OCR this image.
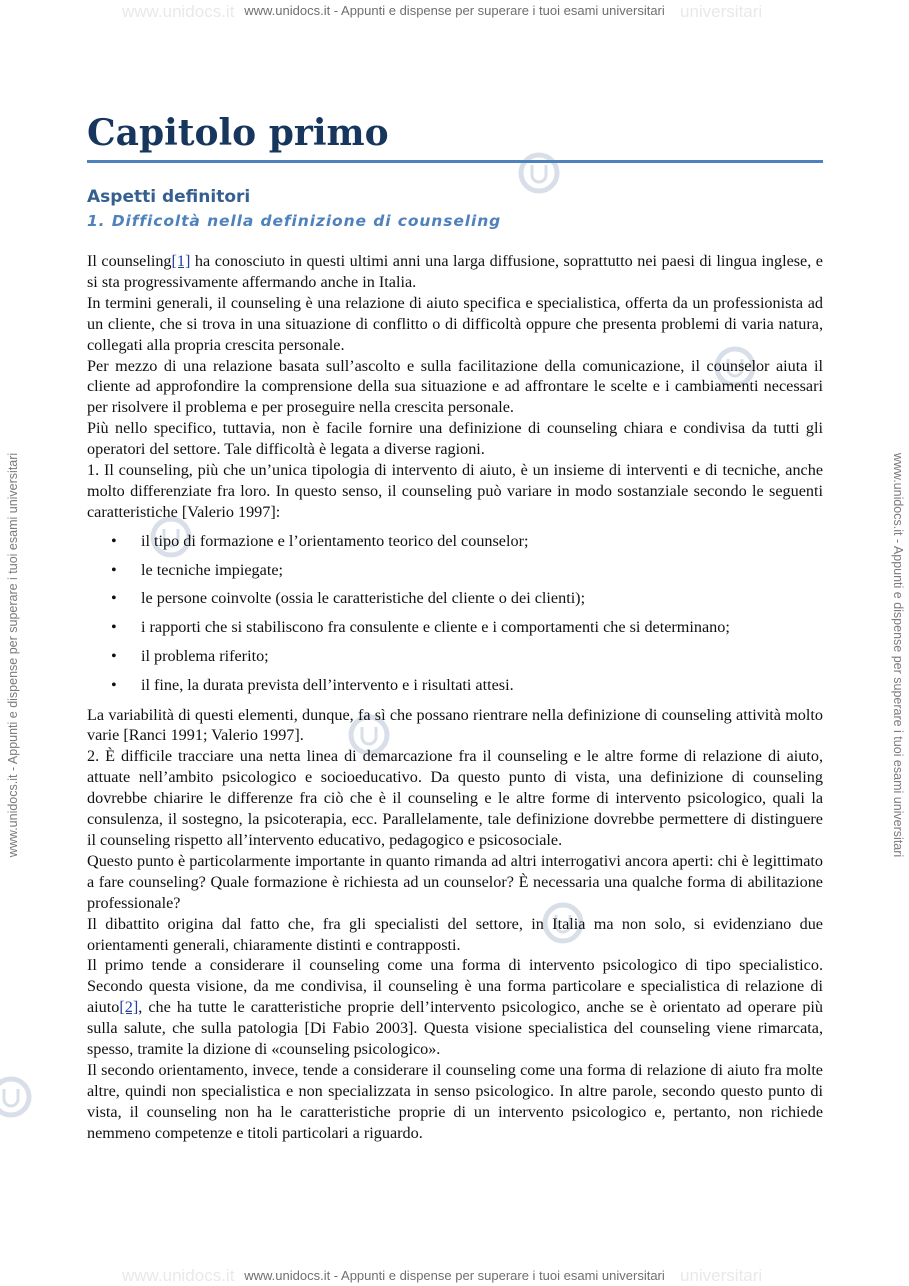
www.unidocs.it	universitari
www.unidocs.it - Appunti e dispense per superare i tuoi esami universitari
www.unidocs.it	universitari
www.unidocs.it - Appunti e dispense per superare i tuoi esami universitari
www.unidocs.it - Appunti e dispense per superare i tuoi esami universitari	www.unidocs.it - Appunti e dispense per superare i tuoi esami universitari
Capitolo primo
Aspetti definitori
1. Difficoltà nella definizione di counseling

Il counseling[1] ha conosciuto in questi ultimi anni una larga diffusione, soprattutto nei paesi di lingua inglese, e si sta progressivamente affermando anche in Italia.

In termini generali, il counseling è una relazione di aiuto specifica e specialistica, offerta da un professionista ad un cliente, che si trova in una situazione di conflitto o di difficoltà oppure che presenta problemi di varia natura, collegati alla propria crescita personale.

Per mezzo di una relazione basata sull’ascolto e sulla facilitazione della comunicazione, il counselor aiuta il cliente ad approfondire la comprensione della sua situazione e ad affrontare le scelte e i cambiamenti necessari per risolvere il problema e per proseguire nella crescita personale.

Più nello specifico, tuttavia, non è facile fornire una definizione di counseling chiara e condivisa da tutti gli operatori del settore. Tale difficoltà è legata a diverse ragioni.

1. Il counseling, più che un’unica tipologia di intervento di aiuto, è un insieme di interventi e di tecniche, anche molto differenziate fra loro. In questo senso, il counseling può variare in modo sostanziale secondo le seguenti caratteristiche [Valerio 1997]:

• il tipo di formazione e l’orientamento teorico del counselor;
• le tecniche impiegate;
• le persone coinvolte (ossia le caratteristiche del cliente o dei clienti);
• i rapporti che si stabiliscono fra consulente e cliente e i comportamenti che si determinano;
• il problema riferito;
• il fine, la durata prevista dell’intervento e i risultati attesi.

La variabilità di questi elementi, dunque, fa sì che possano rientrare nella definizione di counseling attività molto varie [Ranci 1991; Valerio 1997].

2. È difficile tracciare una netta linea di demarcazione fra il counseling e le altre forme di relazione di aiuto, attuate nell’ambito psicologico e socioeducativo. Da questo punto di vista, una definizione di counseling dovrebbe chiarire le differenze fra ciò che è il counseling e le altre forme di intervento psicologico, quali la consulenza, il sostegno, la psicoterapia, ecc. Parallelamente, tale definizione dovrebbe permettere di distinguere il counseling rispetto all’intervento educativo, pedagogico e psicosociale.

Questo punto è particolarmente importante in quanto rimanda ad altri interrogativi ancora aperti: chi è legittimato a fare counseling? Quale formazione è richiesta ad un counselor? È necessaria una qualche forma di abilitazione professionale?

Il dibattito origina dal fatto che, fra gli specialisti del settore, in Italia ma non solo, si evidenziano due orientamenti generali, chiaramente distinti e contrapposti.

Il primo tende a considerare il counseling come una forma di intervento psicologico di tipo specialistico. Secondo questa visione, da me condivisa, il counseling è una forma particolare e specialistica di relazione di aiuto[2], che ha tutte le caratteristiche proprie dell’intervento psicologico, anche se è orientato ad operare più sulla salute, che sulla patologia [Di Fabio 2003]. Questa visione specialistica del counseling viene rimarcata, spesso, tramite la dizione di «counseling psicologico».

Il secondo orientamento, invece, tende a considerare il counseling come una forma di relazione di aiuto fra molte altre, quindi non specialistica e non specializzata in senso psicologico. In altre parole, secondo questo punto di vista, il counseling non ha le caratteristiche proprie di un intervento psicologico e, pertanto, non richiede nemmeno competenze e titoli particolari a riguardo.
